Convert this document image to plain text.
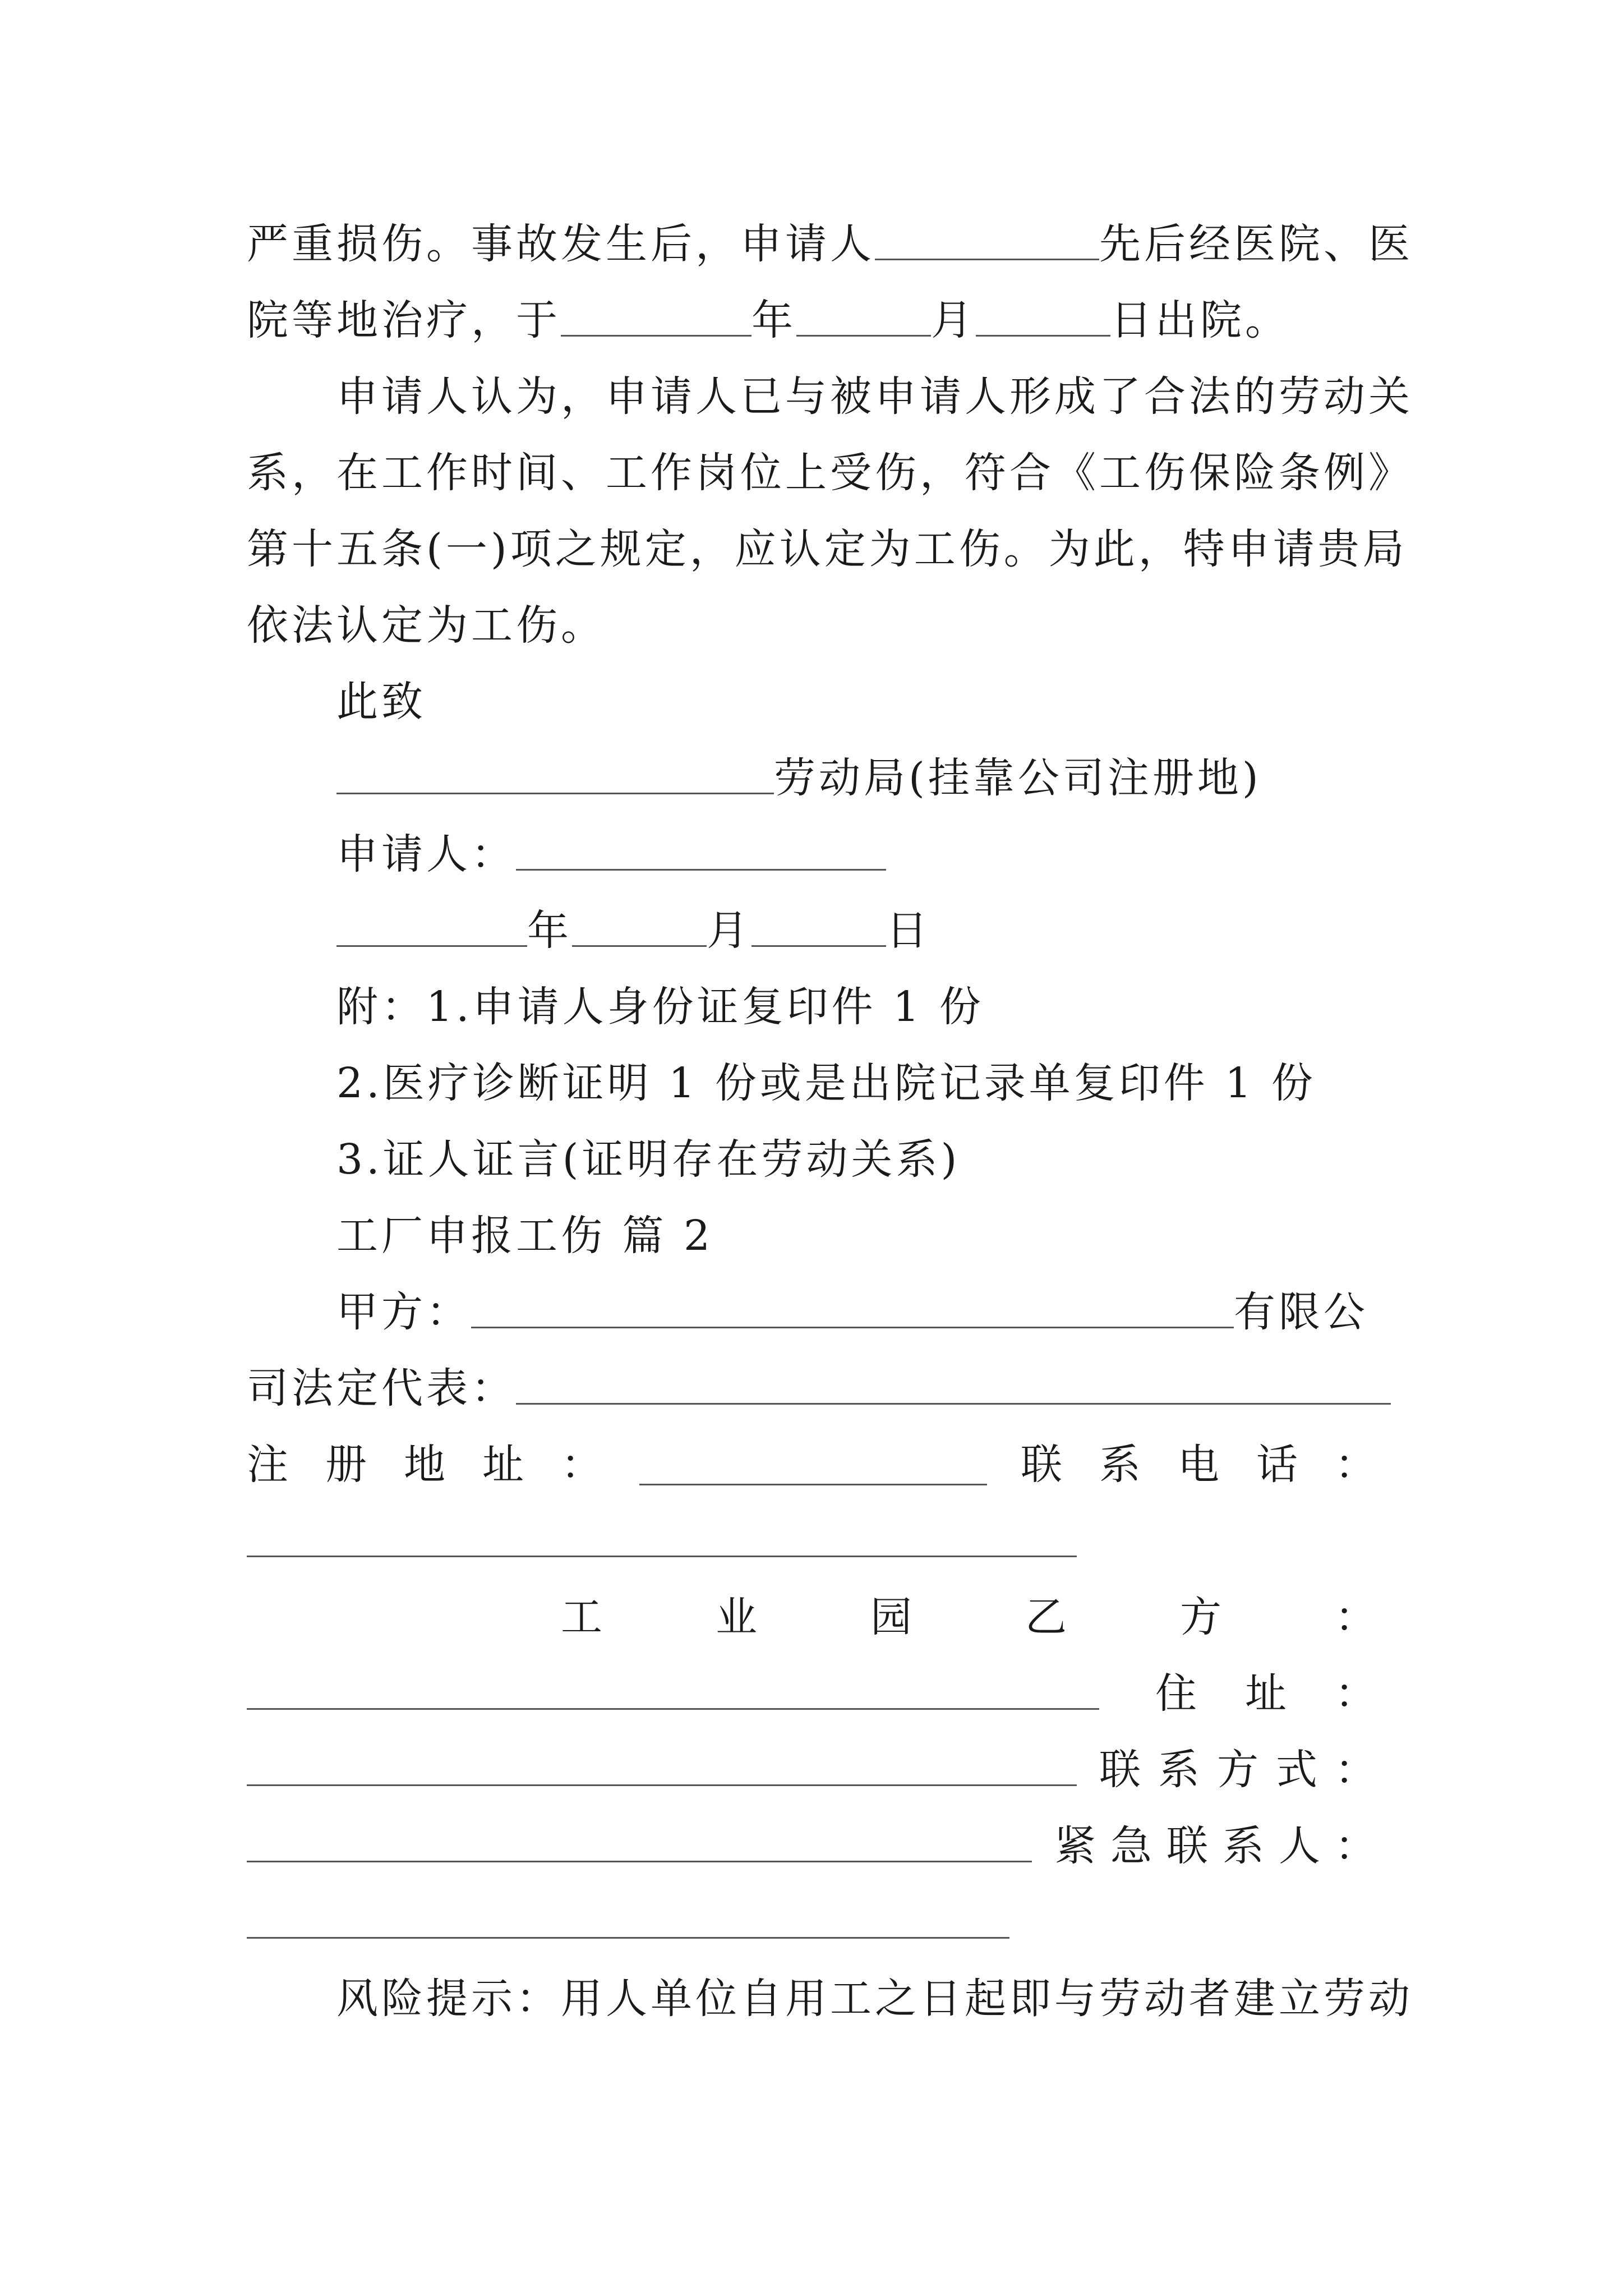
严重损伤。事故发生后，申请人	先后经医院、医
院等地治疗，于	年	月	日出院。
申请人认为，申请人已与被申请人形成了合法的劳动关
系，在工作时间、工作岗位上受伤，符合《工伤保险条例》
第十五条(一)项之规定，应认定为工伤。为此，特申请贵局
依法认定为工伤。
此致
劳动局(挂靠公司注册地)
申请人：
年	月	日
附：1.申请人身份证复印件 1 份
2.医疗诊断证明 1 份或是出院记录单复印件 1 份
3.证人证言(证明存在劳动关系)
工厂申报工伤 篇 2
甲方：	有限公
司法定代表：
注 册 地 址 ：	联 系 电 话 ：
工	业	园	乙	方	：
住 址 ：
联 系 方 式 ：
紧 急 联 系 人 ：
风险提示：用人单位自用工之日起即与劳动者建立劳动
